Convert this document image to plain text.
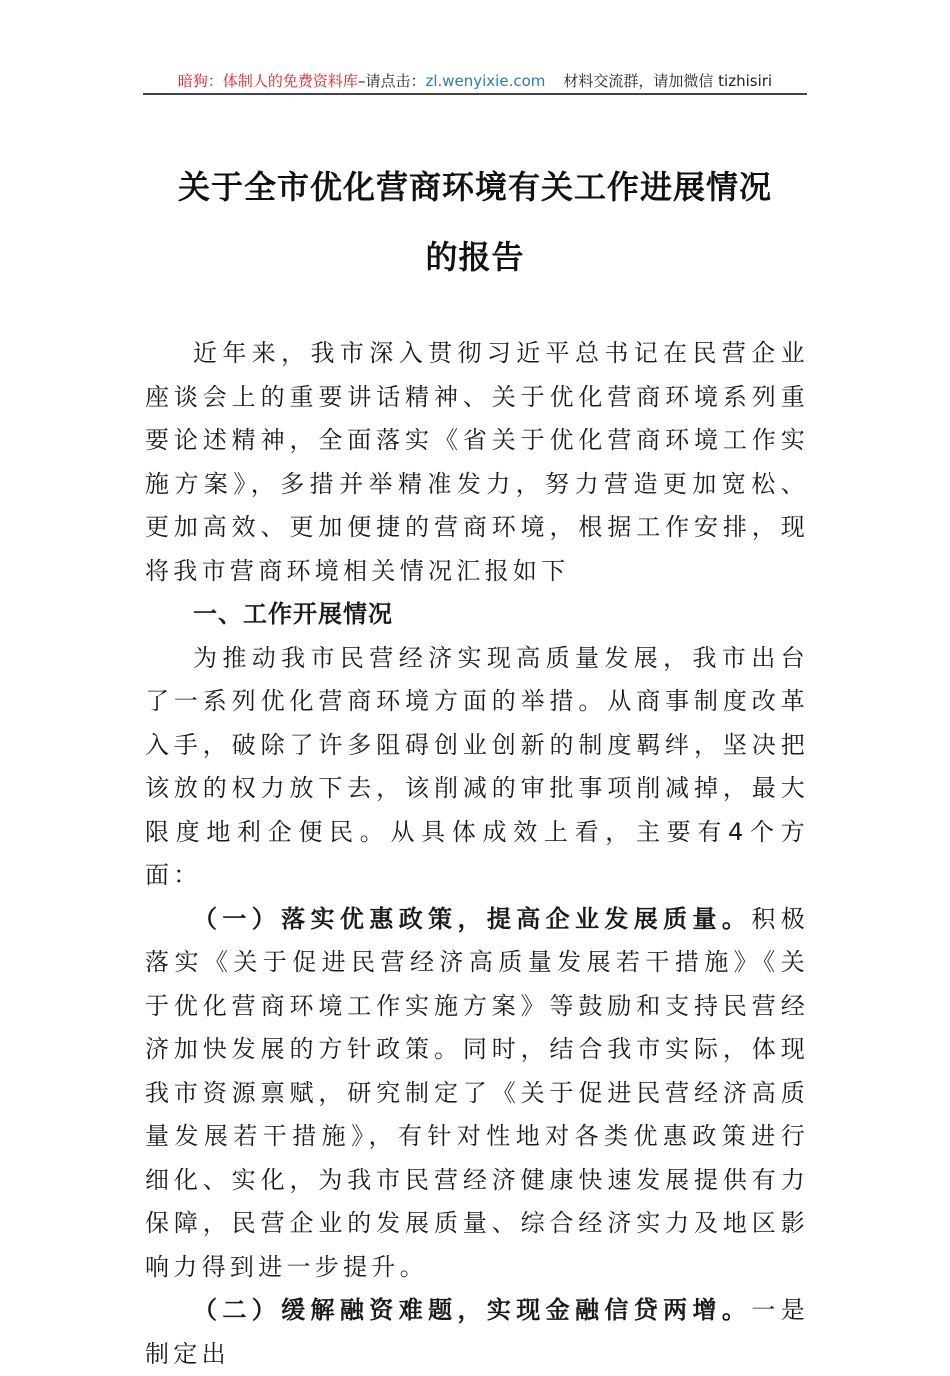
暗狗：体制人的免费资料库–请点击：zl.wenyixie.com 材料交流群，请加微信 tizhisiri
关于全市优化营商环境有关工作进展情况
的报告

近年来，我市深入贯彻习近平总书记在民营企业座谈会上的重要讲话精神、关于优化营商环境系列重要论述精神，全面落实《省关于优化营商环境工作实施方案》，多措并举精准发力，努力营造更加宽松、更加高效、更加便捷的营商环境，根据工作安排，现将我市营商环境相关情况汇报如下

一、工作开展情况

为推动我市民营经济实现高质量发展，我市出台了一系列优化营商环境方面的举措。从商事制度改革入手，破除了许多阻碍创业创新的制度羁绊，坚决把该放的权力放下去，该削减的审批事项削减掉，最大限度地利企便民。从具体成效上看，主要有4个方面：

（一）落实优惠政策，提高企业发展质量。积极落实《关于促进民营经济高质量发展若干措施》《关于优化营商环境工作实施方案》等鼓励和支持民营经济加快发展的方针政策。同时，结合我市实际，体现我市资源禀赋，研究制定了《关于促进民营经济高质量发展若干措施》，有针对性地对各类优惠政策进行细化、实化，为我市民营经济健康快速发展提供有力保障，民营企业的发展质量、综合经济实力及地区影响力得到进一步提升。

（二）缓解融资难题，实现金融信贷两增。一是制定出
